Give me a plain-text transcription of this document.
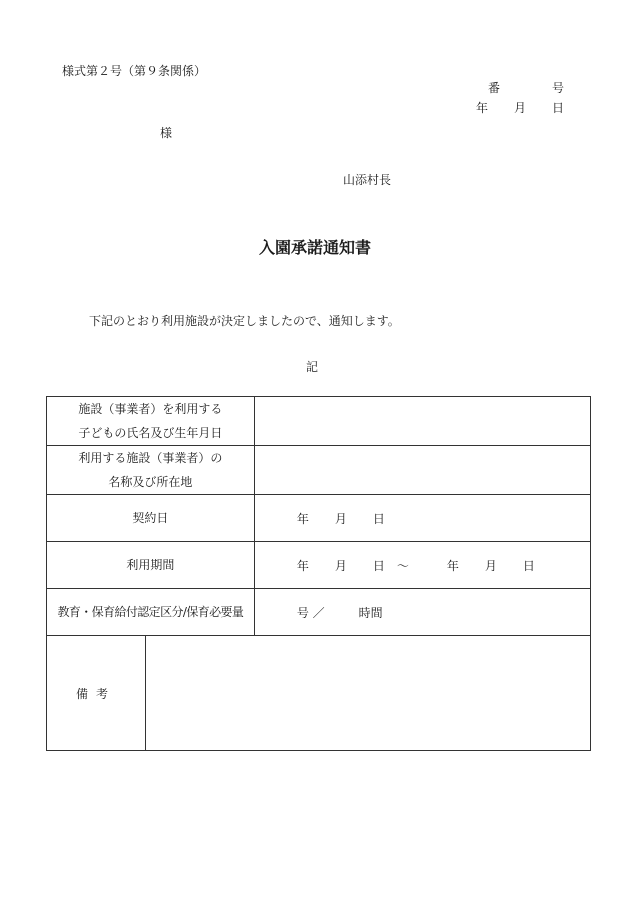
様式第２号（第９条関係）
番	号
年 月 日
様
山添村長
入園承諾通知書
下記のとおり利用施設が決定しましたので、通知します。
記
施設（事業者）を利用する
子どもの氏名及び生年月日		

利用する施設（事業者）の
名称及び所在地		

契約日		年 月 日
利用期間		年 月 日 ～ 年 月 日
教育・保育給付認定区分/保育必要量		号 ／ 時間
備考		
